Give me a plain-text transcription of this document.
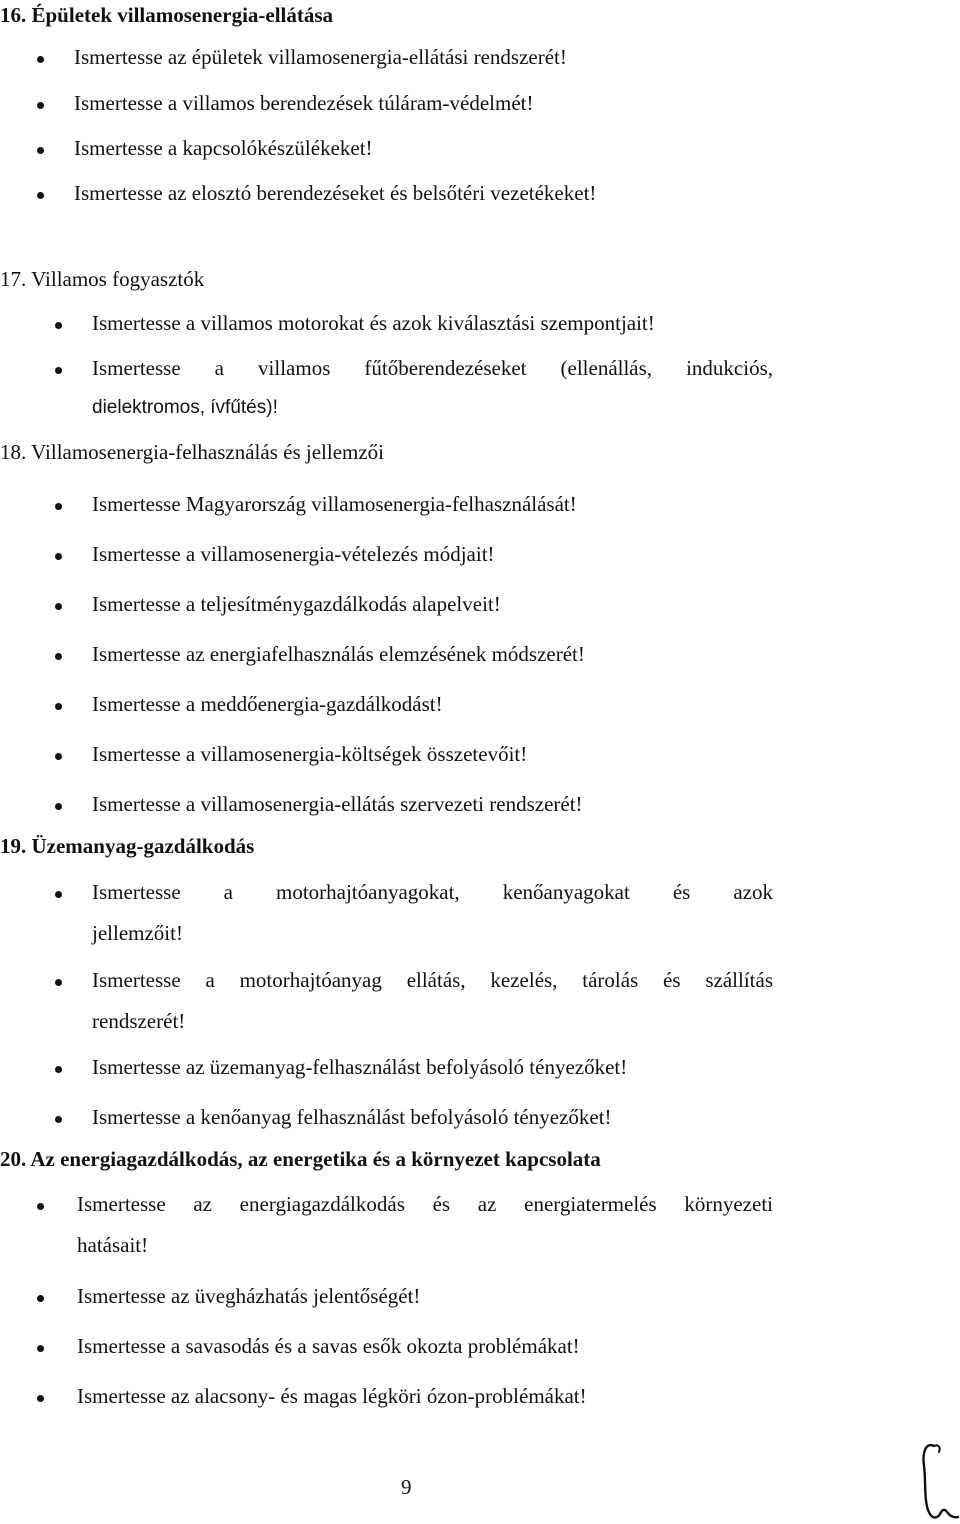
16. Épületek villamosenergia-ellátása
Ismertesse az épületek villamosenergia-ellátási rendszerét!
Ismertesse a villamos berendezések túláram-védelmét!
Ismertesse a kapcsolókészülékeket!
Ismertesse az elosztó berendezéseket és belsőtéri vezetékeket!
17. Villamos fogyasztók
Ismertesse a villamos motorokat és azok kiválasztási szempontjait!
Ismertesse a villamos fűtőberendezéseket (ellenállás, indukciós,
dielektromos, ívfűtés)!
18. Villamosenergia-felhasználás és jellemzői
Ismertesse Magyarország villamosenergia-felhasználását!
Ismertesse a villamosenergia-vételezés módjait!
Ismertesse a teljesítménygazdálkodás alapelveit!
Ismertesse az energiafelhasználás elemzésének módszerét!
Ismertesse a meddőenergia-gazdálkodást!
Ismertesse a villamosenergia-költségek összetevőit!
Ismertesse a villamosenergia-ellátás szervezeti rendszerét!
19. Üzemanyag-gazdálkodás
Ismertesse a motorhajtóanyagokat, kenőanyagokat és azok
jellemzőit!
Ismertesse a motorhajtóanyag ellátás, kezelés, tárolás és szállítás
rendszerét!
Ismertesse az üzemanyag-felhasználást befolyásoló tényezőket!
Ismertesse a kenőanyag felhasználást befolyásoló tényezőket!
20. Az energiagazdálkodás, az energetika és a környezet kapcsolata
Ismertesse az energiagazdálkodás és az energiatermelés környezeti
hatásait!
Ismertesse az üvegházhatás jelentőségét!
Ismertesse a savasodás és a savas esők okozta problémákat!
Ismertesse az alacsony- és magas légköri ózon-problémákat!
9
